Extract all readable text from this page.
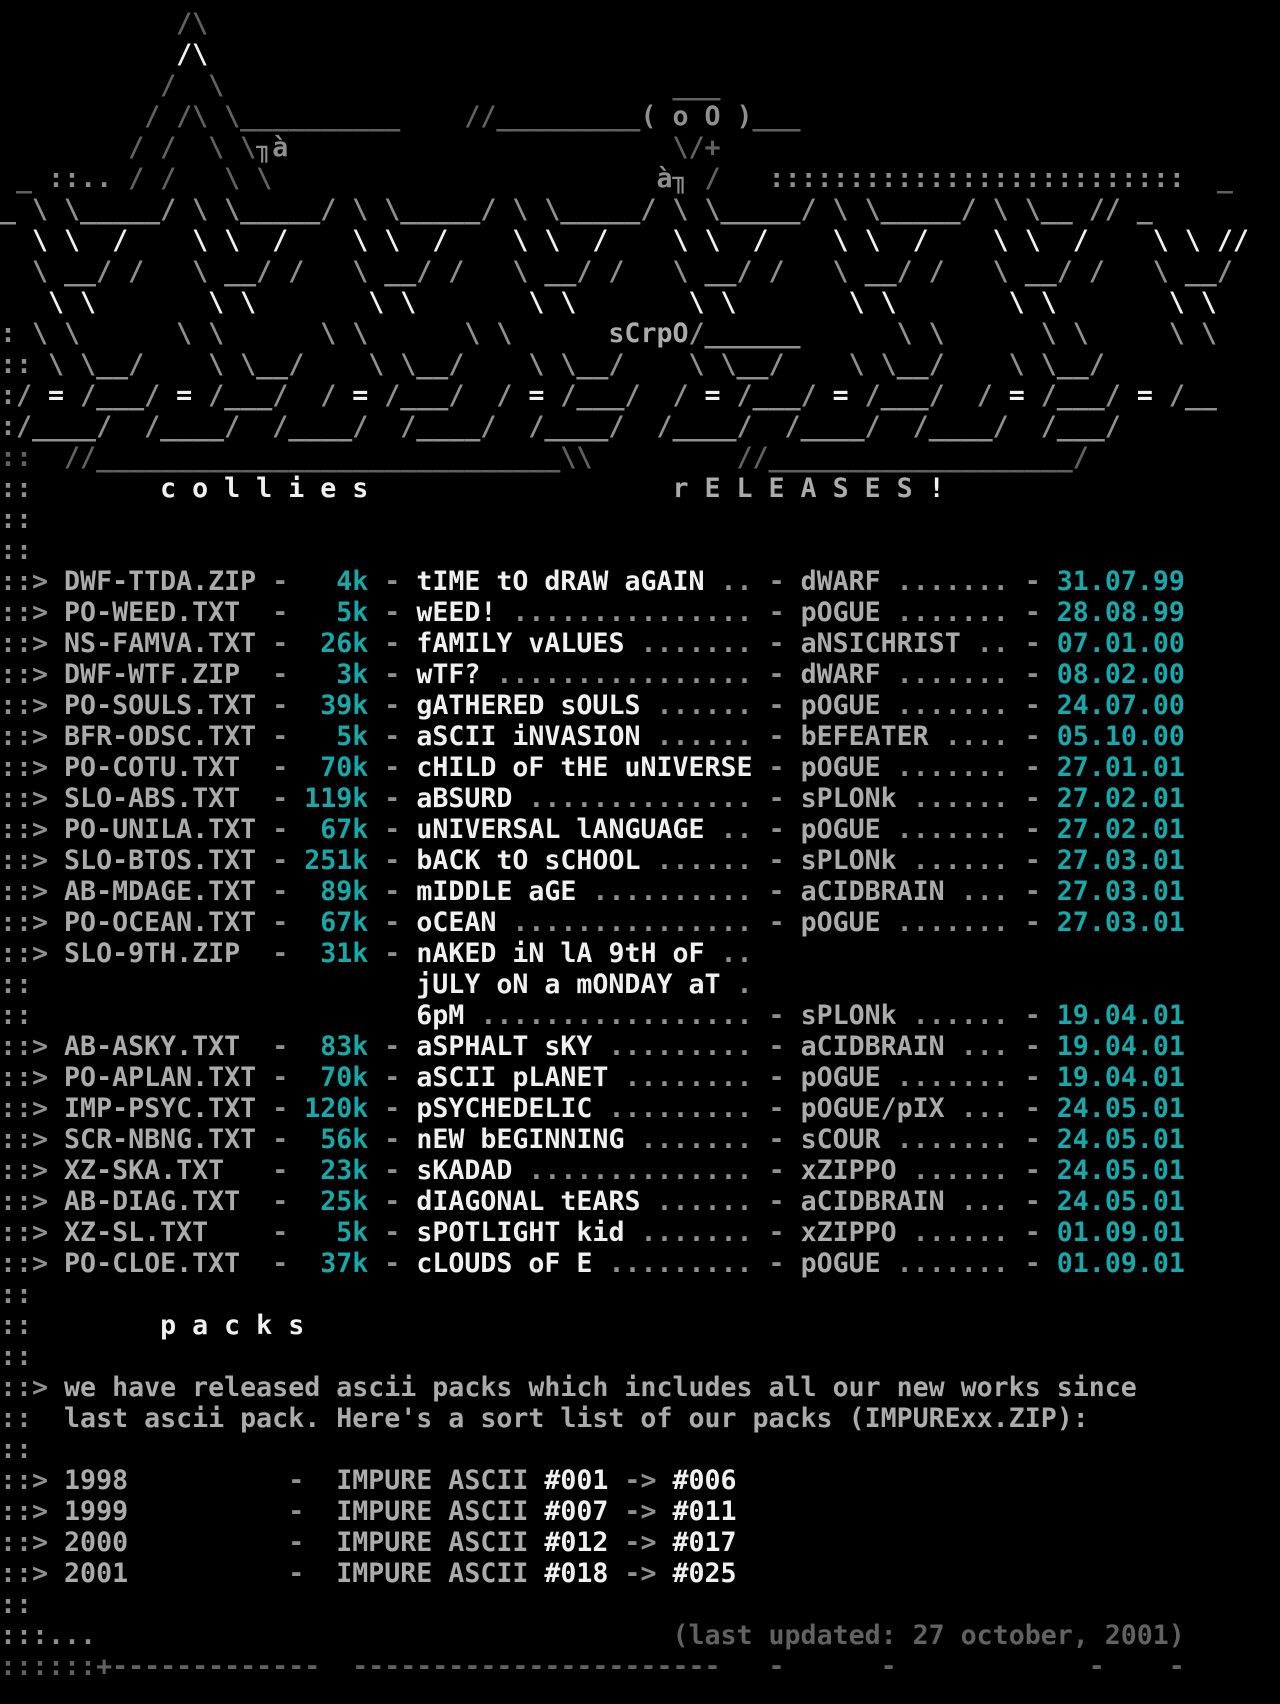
/\
/\
/  \                            ___
/ /\ \__________    //_________( o O )___
/ /  \ \╖à                        \/+
_ ::.. / /   \ \                        à╖ /   ::::::::::::::::::::::::::  _
_ \ \_____/ \ \_____/ \ \_____/ \ \_____/ \ \_____/ \ \_____/ \ \__ // _
\ \  /    \ \  /    \ \  /    \ \  /    \ \  /    \ \  /    \ \  /    \ \ //
\ __/ /   \ __/ /   \ __/ /   \ __/ /   \ __/ /   \ __/ /   \ __/ /   \ __/
\ \       \ \       \ \       \ \       \ \       \ \       \ \       \ \
: \ \      \ \      \ \      \ \      sCrpO/______      \ \      \ \     \ \
:: \ \__/    \ \__/    \ \__/    \ \__/    \ \__/    \ \__/    \ \__/
:/ = /___/ = /___/  / = /___/  / = /___/  / = /___/ = /___/  / = /___/ = /__
:/____/  /____/  /____/  /____/  /____/  /____/  /____/  /____/  /___/
::  //_____________________________\\         //___________________/
::        c o l l i e s	r E L E A S E S !
::
::
::> DWF-TTDA.ZIP -   4k - tIME tO dRAW aGAIN .. - dWARF ....... - 31.07.99
::> PO-WEED.TXT  -   5k - wEED! ............... - pOGUE ....... - 28.08.99
::> NS-FAMVA.TXT -  26k - fAMILY vALUES ....... - aNSICHRIST .. - 07.01.00
::> DWF-WTF.ZIP  -   3k - wTF? ................ - dWARF ....... - 08.02.00
::> PO-SOULS.TXT -  39k - gATHERED sOULS ...... - pOGUE ....... - 24.07.00
::> BFR-ODSC.TXT -   5k - aSCII iNVASION ...... - bEFEATER .... - 05.10.00
::> PO-COTU.TXT  -  70k - cHILD oF tHE uNIVERSE - pOGUE ....... - 27.01.01
::> SLO-ABS.TXT  - 119k - aBSURD .............. - sPLONk ...... - 27.02.01
::> PO-UNILA.TXT -  67k - uNIVERSAL lANGUAGE .. - pOGUE ....... - 27.02.01
::> SLO-BTOS.TXT - 251k - bACK tO sCHOOL ...... - sPLONk ...... - 27.03.01
::> AB-MDAGE.TXT -  89k - mIDDLE aGE .......... - aCIDBRAIN ... - 27.03.01
::> PO-OCEAN.TXT -  67k - oCEAN ............... - pOGUE ....... - 27.03.01
::> SLO-9TH.ZIP  -  31k - nAKED iN lA 9tH oF ..
::                        jULY oN a mONDAY aT .
::                        6pM ................. - sPLONk ...... - 19.04.01
::> AB-ASKY.TXT  -  83k - aSPHALT sKY ......... - aCIDBRAIN ... - 19.04.01
::> PO-APLAN.TXT -  70k - aSCII pLANET ........ - pOGUE ....... - 19.04.01
::> IMP-PSYC.TXT - 120k - pSYCHEDELIC ......... - pOGUE/pIX ... - 24.05.01
::> SCR-NBNG.TXT -  56k - nEW bEGINNING ....... - sCOUR ....... - 24.05.01
::> XZ-SKA.TXT   -  23k - sKADAD .............. - xZIPPO ...... - 24.05.01
::> AB-DIAG.TXT  -  25k - dIAGONAL tEARS ...... - aCIDBRAIN ... - 24.05.01
::> XZ-SL.TXT    -   5k - sPOTLIGHT kid ....... - xZIPPO ...... - 01.09.01
::> PO-CLOE.TXT  -  37k - cLOUDS oF E ......... - pOGUE ....... - 01.09.01
::
::        p a c k s
::
::> we have released ascii packs which includes all our new works since
::  last ascii pack. Here's a sort list of our packs (IMPURExx.ZIP):
::
::> 1998          -  IMPURE ASCII #001 -> #006
::> 1999          -  IMPURE ASCII #007 -> #011
::> 2000          -  IMPURE ASCII #012 -> #017
::> 2001          -  IMPURE ASCII #018 -> #025
::
:::...                                    (last updated: 27 october, 2001)
::::::+-------------  -----------------------   -      -            -    -
